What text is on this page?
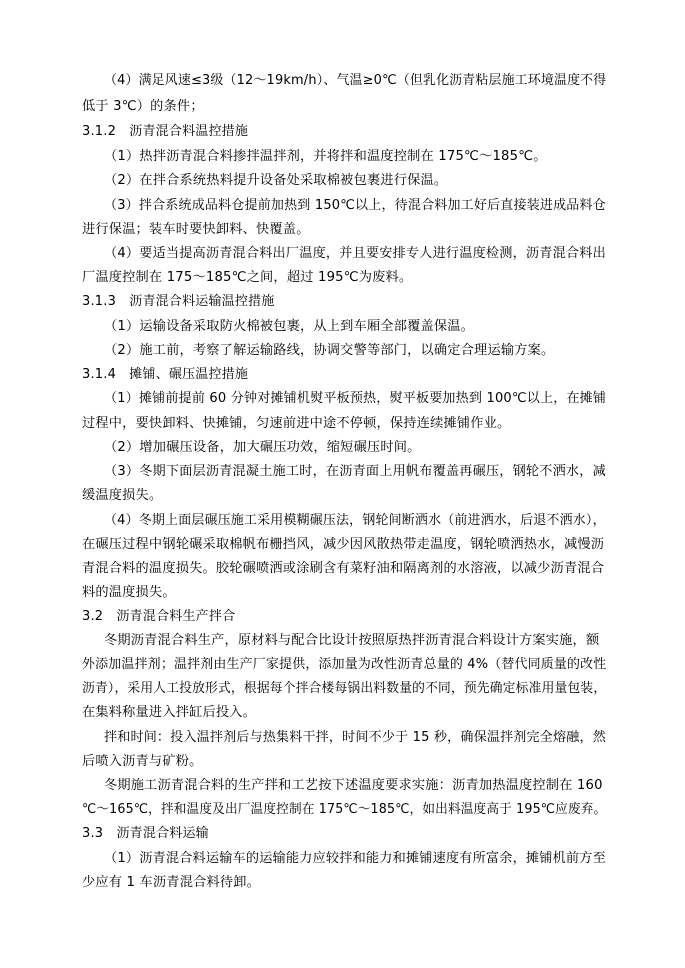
（4）满足风速≤3级（12～19km/h）、气温≥0℃（但乳化沥青粘层施工环境温度不得
低于 3℃）的条件；
3.1.2　沥青混合料温控措施
（1）热拌沥青混合料掺拌温拌剂，并将拌和温度控制在 175℃～185℃。
（2）在拌合系统热料提升设备处采取棉被包裹进行保温。
（3）拌合系统成品料仓提前加热到 150℃以上，待混合料加工好后直接装进成品料仓
进行保温；装车时要快卸料、快覆盖。
（4）要适当提高沥青混合料出厂温度，并且要安排专人进行温度检测，沥青混合料出
厂温度控制在 175～185℃之间，超过 195℃为废料。
3.1.3　沥青混合料运输温控措施
（1）运输设备采取防火棉被包裹，从上到车厢全部覆盖保温。
（2）施工前，考察了解运输路线，协调交警等部门，以确定合理运输方案。
3.1.4　摊铺、碾压温控措施
（1）摊铺前提前 60 分钟对摊铺机熨平板预热，熨平板要加热到 100℃以上，在摊铺
过程中，要快卸料、快摊铺，匀速前进中途不停顿，保持连续摊铺作业。
（2）增加碾压设备，加大碾压功效，缩短碾压时间。
（3）冬期下面层沥青混凝土施工时，在沥青面上用帆布覆盖再碾压，钢轮不洒水，减
缓温度损失。
（4）冬期上面层碾压施工采用模糊碾压法，钢轮间断洒水（前进洒水，后退不洒水），
在碾压过程中钢轮碾采取棉帆布栅挡风，减少因风散热带走温度，钢轮喷洒热水，减慢沥
青混合料的温度损失。胶轮碾喷洒或涂刷含有菜籽油和隔离剂的水溶液，以减少沥青混合
料的温度损失。
3.2　沥青混合料生产拌合
冬期沥青混合料生产，原材料与配合比设计按照原热拌沥青混合料设计方案实施，额
外添加温拌剂；温拌剂由生产厂家提供，添加量为改性沥青总量的 4%（替代同质量的改性
沥青），采用人工投放形式，根据每个拌合楼每锅出料数量的不同，预先确定标准用量包装，
在集料称量进入拌缸后投入。
拌和时间：投入温拌剂后与热集料干拌，时间不少于 15 秒，确保温拌剂完全熔融，然
后喷入沥青与矿粉。
冬期施工沥青混合料的生产拌和工艺按下述温度要求实施：沥青加热温度控制在 160
℃～165℃，拌和温度及出厂温度控制在 175℃～185℃，如出料温度高于 195℃应废弃。
3.3　沥青混合料运输
（1）沥青混合料运输车的运输能力应较拌和能力和摊铺速度有所富余，摊铺机前方至
少应有 1 车沥青混合料待卸。
